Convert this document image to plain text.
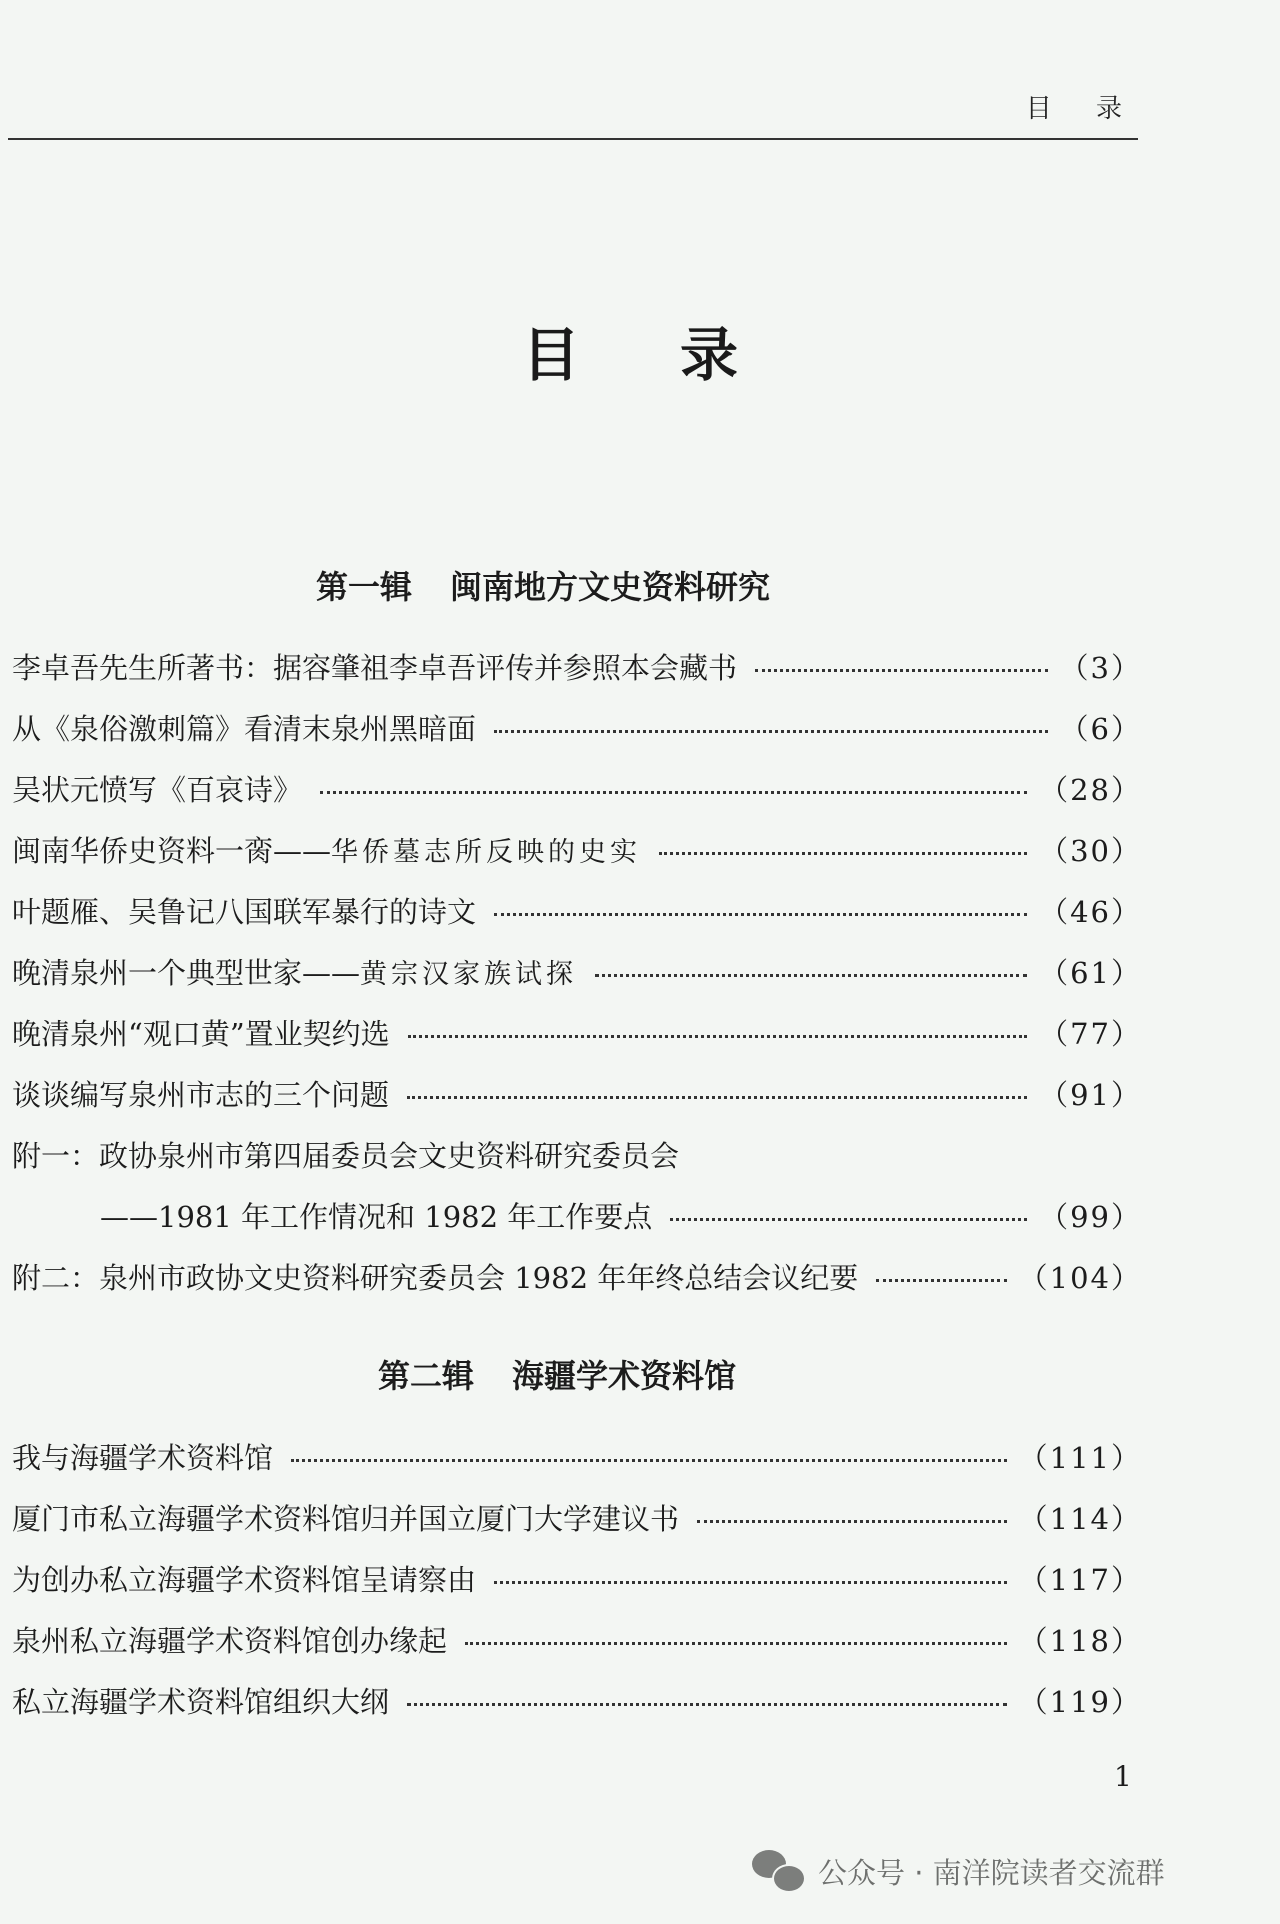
目 录
目录
第一辑 闽南地方文史资料研究
李卓吾先生所著书：据容肇祖李卓吾评传并参照本会藏书	（3）
从《泉俗激刺篇》看清末泉州黑暗面	（6）
吴状元愤写《百哀诗》	（28）
闽南华侨史资料一脔——华侨墓志所反映的史实	（30）
叶题雁、吴鲁记八国联军暴行的诗文	（46）
晚清泉州一个典型世家——黄宗汉家族试探	（61）
晚清泉州“观口黄”置业契约选	（77）
谈谈编写泉州市志的三个问题	（91）
附一：政协泉州市第四届委员会文史资料研究委员会
——1981 年工作情况和 1982 年工作要点	（99）
附二：泉州市政协文史资料研究委员会 1982 年年终总结会议纪要	（104）
第二辑 海疆学术资料馆
我与海疆学术资料馆	（111）
厦门市私立海疆学术资料馆归并国立厦门大学建议书	（114）
为创办私立海疆学术资料馆呈请察由	（117）
泉州私立海疆学术资料馆创办缘起	（118）
私立海疆学术资料馆组织大纲	（119）
1
公众号 · 南洋院读者交流群
